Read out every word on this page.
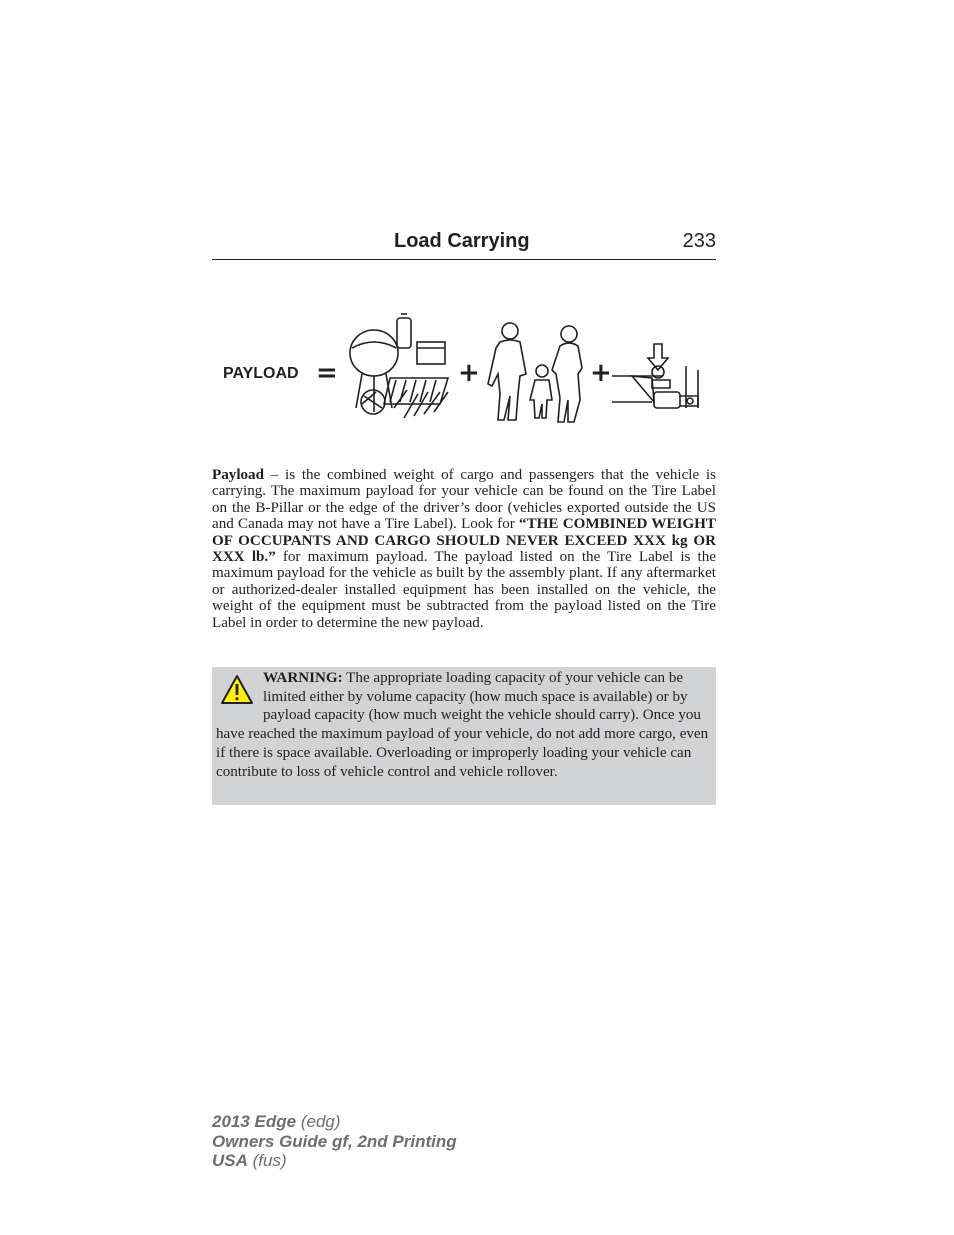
Load Carrying	233
PAYLOAD =	+	+
Payload – is the combined weight of cargo and passengers that the vehicle is carrying. The maximum payload for your vehicle can be found on the Tire Label on the B-Pillar or the edge of the driver’s door (vehicles exported outside the US and Canada may not have a Tire Label). Look for “THE COMBINED WEIGHT OF OCCUPANTS AND CARGO SHOULD NEVER EXCEED XXX kg OR XXX lb.” for maximum payload. The payload listed on the Tire Label is the maximum payload for the vehicle as built by the assembly plant. If any aftermarket or authorized-dealer installed equipment has been installed on the vehicle, the weight of the equipment must be subtracted from the payload listed on the Tire Label in order to determine the new payload.
WARNING: The appropriate loading capacity of your vehicle can be limited either by volume capacity (how much space is available) or by payload capacity (how much weight the vehicle should carry). Once you have reached the maximum payload of your vehicle, do not add more cargo, even if there is space available. Overloading or improperly loading your vehicle can contribute to loss of vehicle control and vehicle rollover.
2013 Edge (edg)
Owners Guide gf, 2nd Printing
USA (fus)
